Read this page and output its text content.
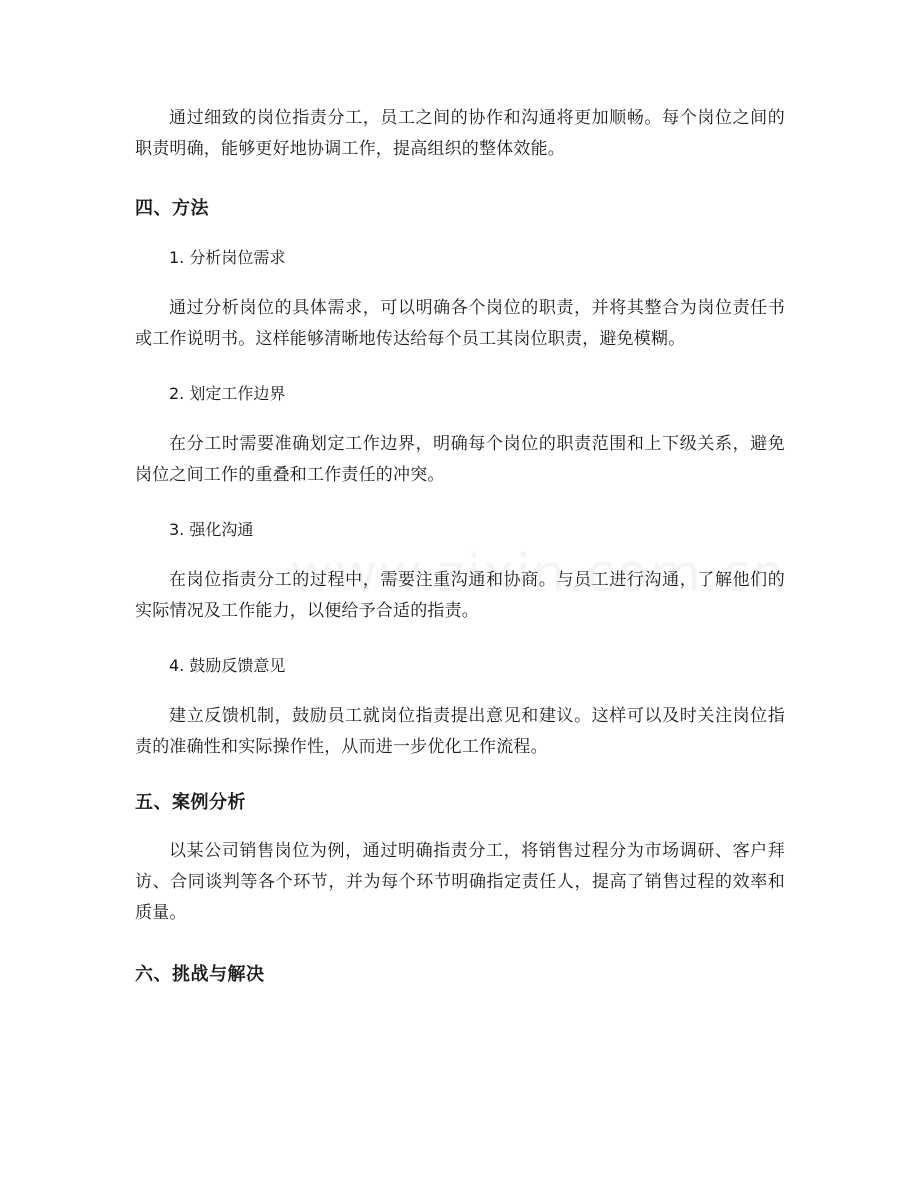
通过细致的岗位指责分工，员工之间的协作和沟通将更加顺畅。每个岗位之间的职责明确，能够更好地协调工作，提高组织的整体效能。

四、方法

1. 分析岗位需求

通过分析岗位的具体需求，可以明确各个岗位的职责，并将其整合为岗位责任书或工作说明书。这样能够清晰地传达给每个员工其岗位职责，避免模糊。

2. 划定工作边界

在分工时需要准确划定工作边界，明确每个岗位的职责范围和上下级关系，避免岗位之间工作的重叠和工作责任的冲突。

3. 强化沟通

在岗位指责分工的过程中，需要注重沟通和协商。与员工进行沟通，了解他们的实际情况及工作能力，以便给予合适的指责。

4. 鼓励反馈意见

建立反馈机制，鼓励员工就岗位指责提出意见和建议。这样可以及时关注岗位指责的准确性和实际操作性，从而进一步优化工作流程。

五、案例分析

以某公司销售岗位为例，通过明确指责分工，将销售过程分为市场调研、客户拜访、合同谈判等各个环节，并为每个环节明确指定责任人，提高了销售过程的效率和质量。

六、挑战与解决
